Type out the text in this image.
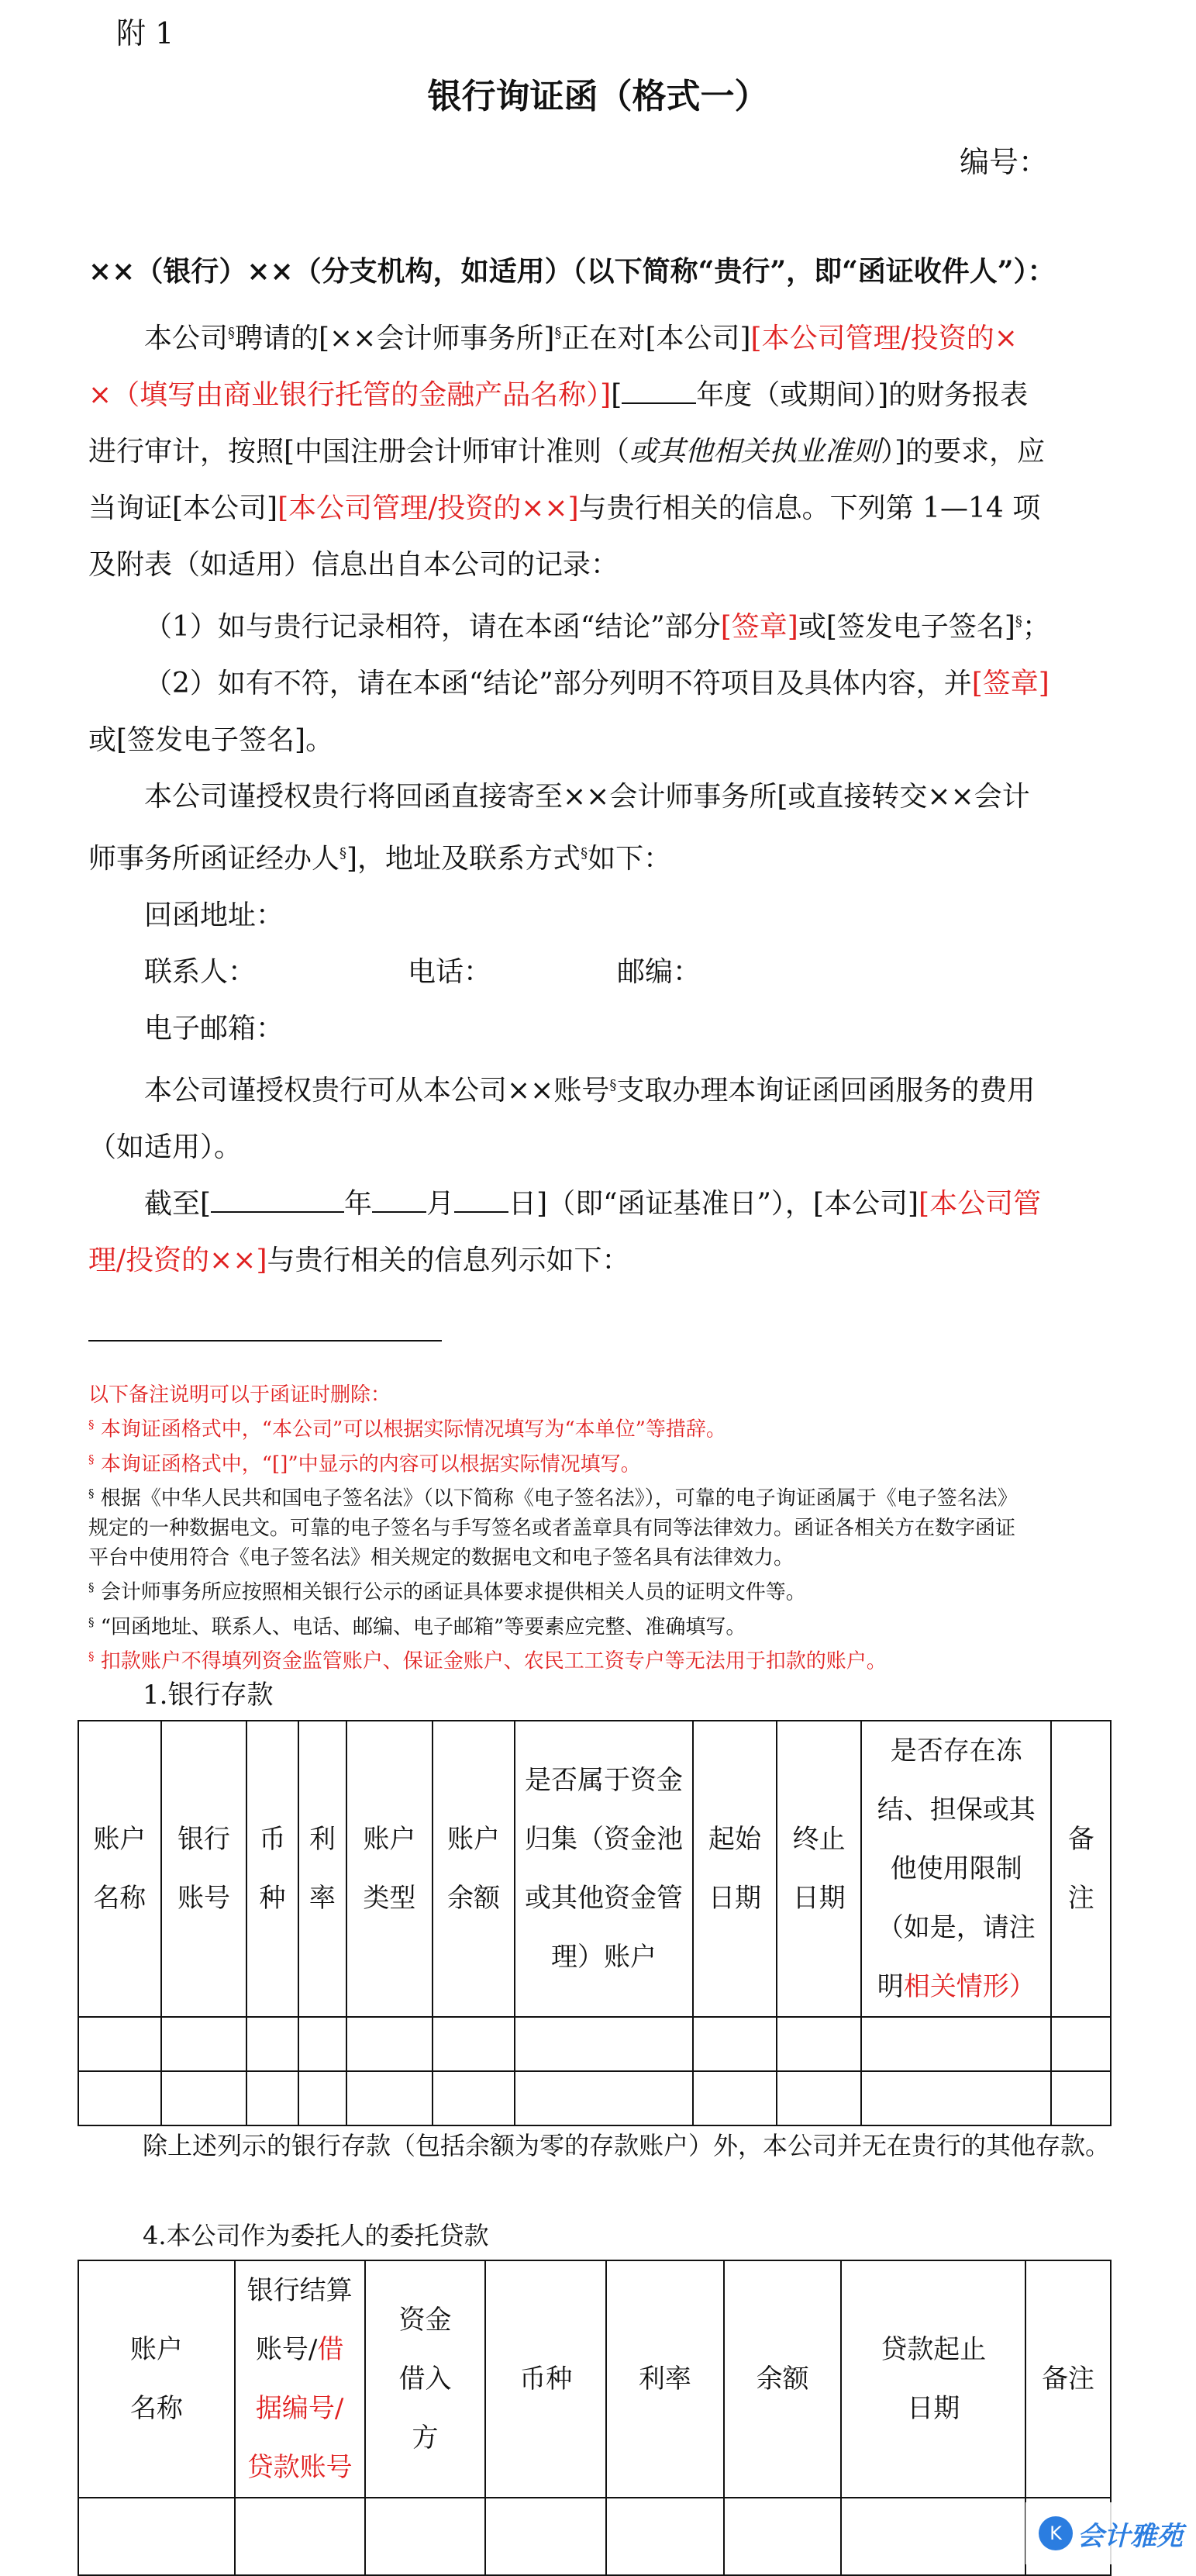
附 1
银行询证函（格式一）
编号：
××（银行）××（分支机构，如适用）（以下简称“贵行”，即“函证收件人”）：

本公司§聘请的[××会计师事务所]§正在对[本公司][本公司管理/投资的×

×（填写由商业银行托管的金融产品名称）][	年度（或期间）]的财务报表

进行审计，按照[中国注册会计师审计准则（或其他相关执业准则）]的要求，应

当询证[本公司][本公司管理/投资的××]与贵行相关的信息。下列第 1—14 项

及附表（如适用）信息出自本公司的记录：

（1）如与贵行记录相符，请在本函“结论”部分[签章]或[签发电子签名]§；

（2）如有不符，请在本函“结论”部分列明不符项目及具体内容，并[签章]

或[签发电子签名]。

本公司谨授权贵行将回函直接寄至××会计师事务所[或直接转交××会计

师事务所函证经办人§]，地址及联系方式§如下：

回函地址：

联系人：	电话：	邮编：

电子邮箱：

本公司谨授权贵行可从本公司××账号§支取办理本询证函回函服务的费用

（如适用）。

截至[	年 月 日]（即“函证基准日”），[本公司][本公司管

理/投资的××]与贵行相关的信息列示如下：

以下备注说明可以于函证时删除：
§ 本询证函格式中，“本公司”可以根据实际情况填写为“本单位”等措辞。
§ 本询证函格式中，“[]”中显示的内容可以根据实际情况填写。
§ 根据《中华人民共和国电子签名法》（以下简称《电子签名法》），可靠的电子询证函属于《电子签名法》
规定的一种数据电文。可靠的电子签名与手写签名或者盖章具有同等法律效力。函证各相关方在数字函证
平台中使用符合《电子签名法》相关规定的数据电文和电子签名具有法律效力。
§ 会计师事务所应按照相关银行公示的函证具体要求提供相关人员的证明文件等。
§ “回函地址、联系人、电话、邮编、电子邮箱”等要素应完整、准确填写。
§ 扣款账户不得填列资金监管账户、保证金账户、农民工工资专户等无法用于扣款的账户。
1.银行存款
账户名称	银行账号	币种	利率	账户类型	账户余额	是否属于资金归集（资金池或其他资金管理）账户	起始日期	终止日期	是否存在冻结、担保或其他使用限制（如是，请注明相关情形）	备注

除上述列示的银行存款（包括余额为零的存款账户）外，本公司并无在贵行的其他存款。
4.本公司作为委托人的委托贷款
账户名称	银行结算账号/借据编号/贷款账号	资金借入方	币种	利率	余额	贷款起止日期	备注

K 会计雅苑
